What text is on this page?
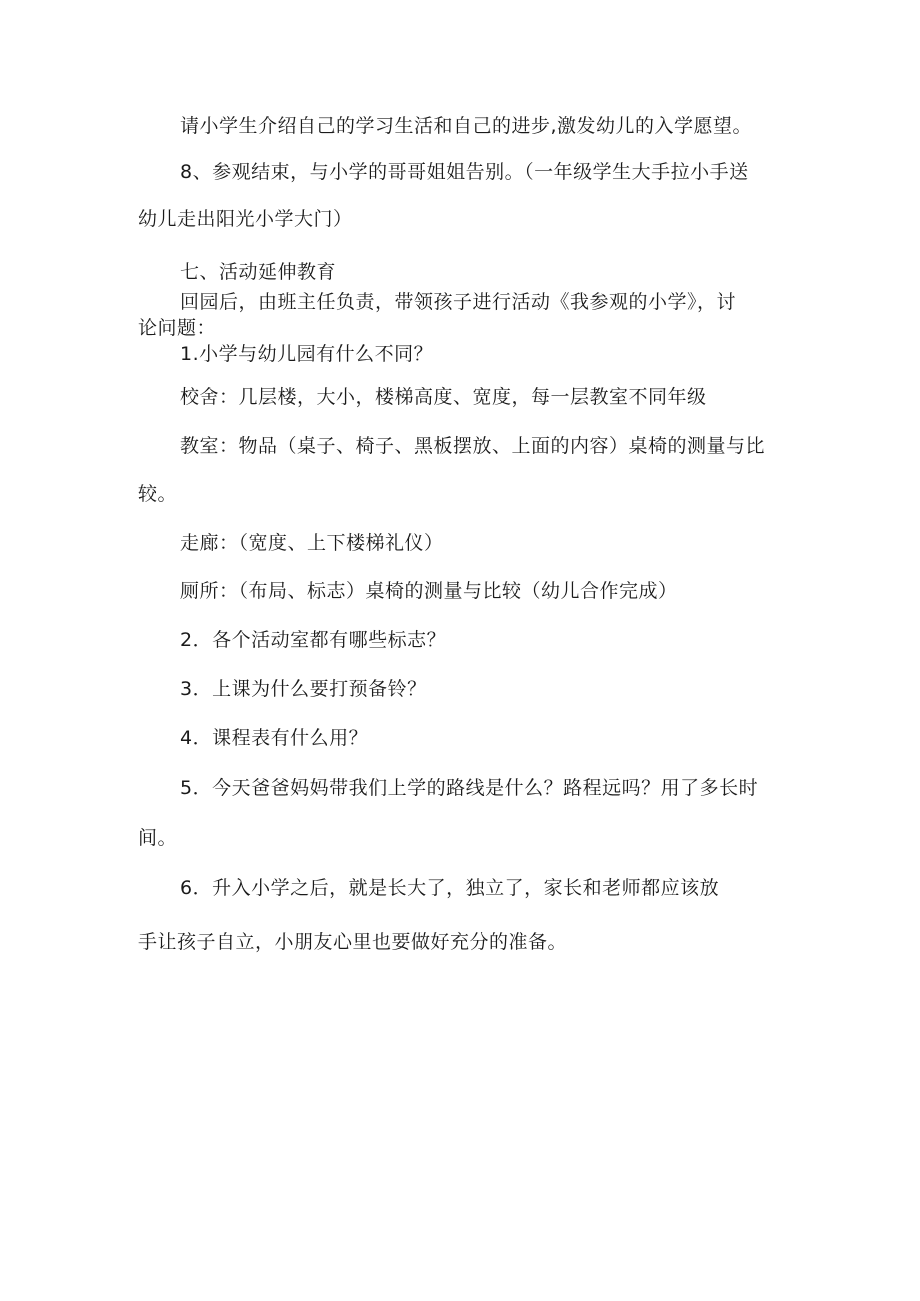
请小学生介绍自己的学习生活和自己的进步,激发幼儿的入学愿望。
8、参观结束，与小学的哥哥姐姐告别。（一年级学生大手拉小手送
幼儿走出阳光小学大门）
七、活动延伸教育
回园后，由班主任负责，带领孩子进行活动《我参观的小学》，讨
论问题：
1.小学与幼儿园有什么不同？
校舍：几层楼，大小，楼梯高度、宽度，每一层教室不同年级
教室：物品（桌子、椅子、黑板摆放、上面的内容）桌椅的测量与比
较。
走廊：（宽度、上下楼梯礼仪）
厕所：（布局、标志）桌椅的测量与比较（幼儿合作完成）
2．各个活动室都有哪些标志？
3．上课为什么要打预备铃？
4．课程表有什么用？
5．今天爸爸妈妈带我们上学的路线是什么？路程远吗？用了多长时
间。
6．升入小学之后，就是长大了，独立了，家长和老师都应该放
手让孩子自立，小朋友心里也要做好充分的准备。
